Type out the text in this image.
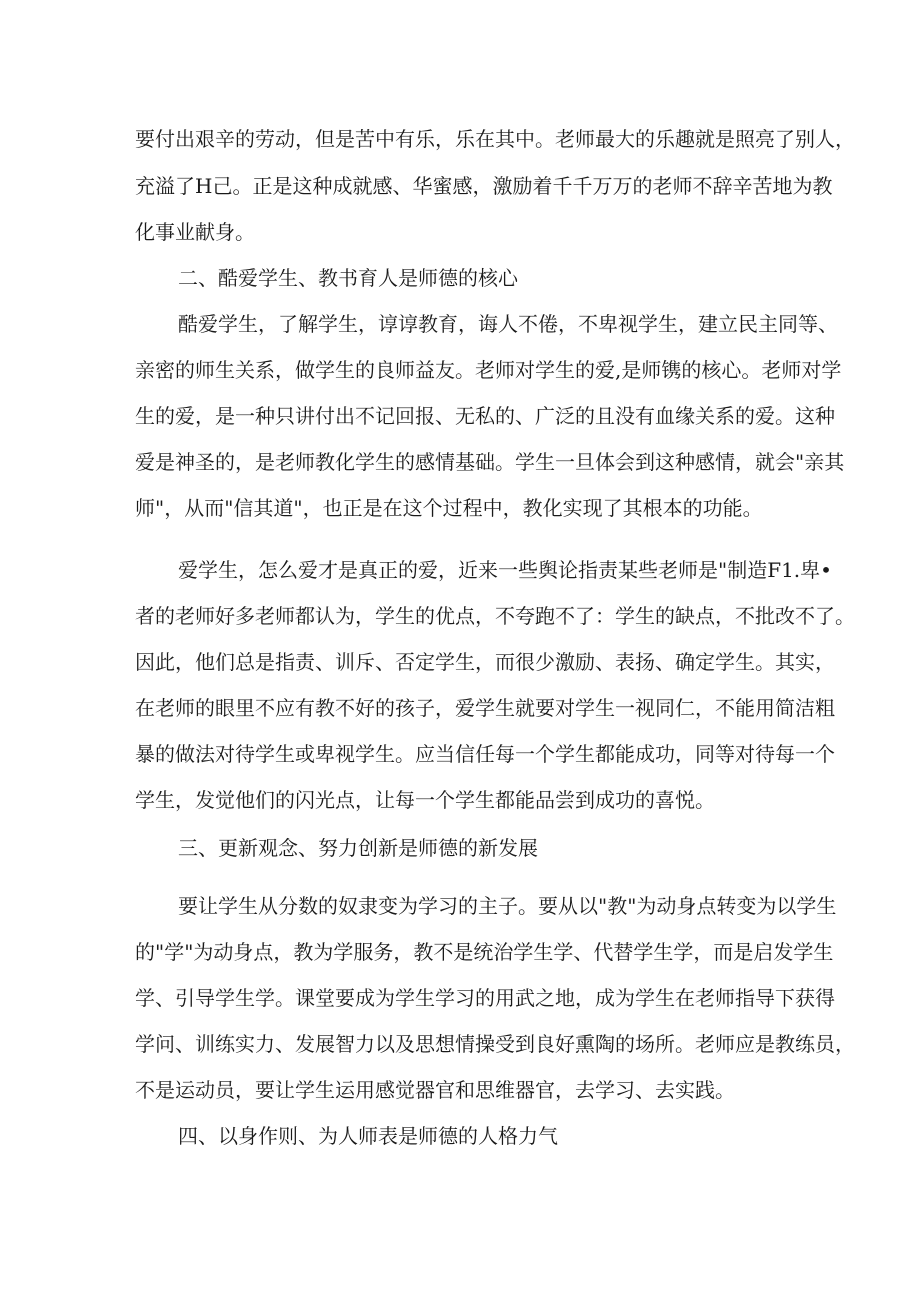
要付出艰辛的劳动，但是苦中有乐，乐在其中。老师最大的乐趣就是照亮了别人，

充溢了H己。正是这种成就感、华蜜感，激励着千千万万的老师不辞辛苦地为教

化事业献身。

二、酷爱学生、教书育人是师德的核心

酷爱学生，了解学生，谆谆教育，诲人不倦，不卑视学生，建立民主同等、

亲密的师生关系，做学生的良师益友。老师对学生的爱,是师镌的核心。老师对学

生的爱，是一种只讲付出不记回报、无私的、广泛的且没有血缘关系的爱。这种

爱是神圣的，是老师教化学生的感情基础。学生一旦体会到这种感情，就会"亲其

师"，从而"信其道"，也正是在这个过程中，教化实现了其根本的功能。

爱学生，怎么爱才是真正的爱，近来一些舆论指责某些老师是"制造F1.卑•

者的老师好多老师都认为，学生的优点，不夸跑不了：学生的缺点，不批改不了。

因此，他们总是指责、训斥、否定学生，而很少激励、表扬、确定学生。其实，

在老师的眼里不应有教不好的孩子，爱学生就要对学生一视同仁，不能用简洁粗

暴的做法对待学生或卑视学生。应当信任每一个学生都能成功，同等对待每一个

学生，发觉他们的闪光点，让每一个学生都能品尝到成功的喜悦。

三、更新观念、努力创新是师德的新发展

要让学生从分数的奴隶变为学习的主子。要从以"教"为动身点转变为以学生

的"学"为动身点，教为学服务，教不是统治学生学、代替学生学，而是启发学生

学、引导学生学。课堂要成为学生学习的用武之地，成为学生在老师指导下获得

学问、训练实力、发展智力以及思想情操受到良好熏陶的场所。老师应是教练员，

不是运动员，要让学生运用感觉器官和思维器官，去学习、去实践。

四、以身作则、为人师表是师德的人格力气
